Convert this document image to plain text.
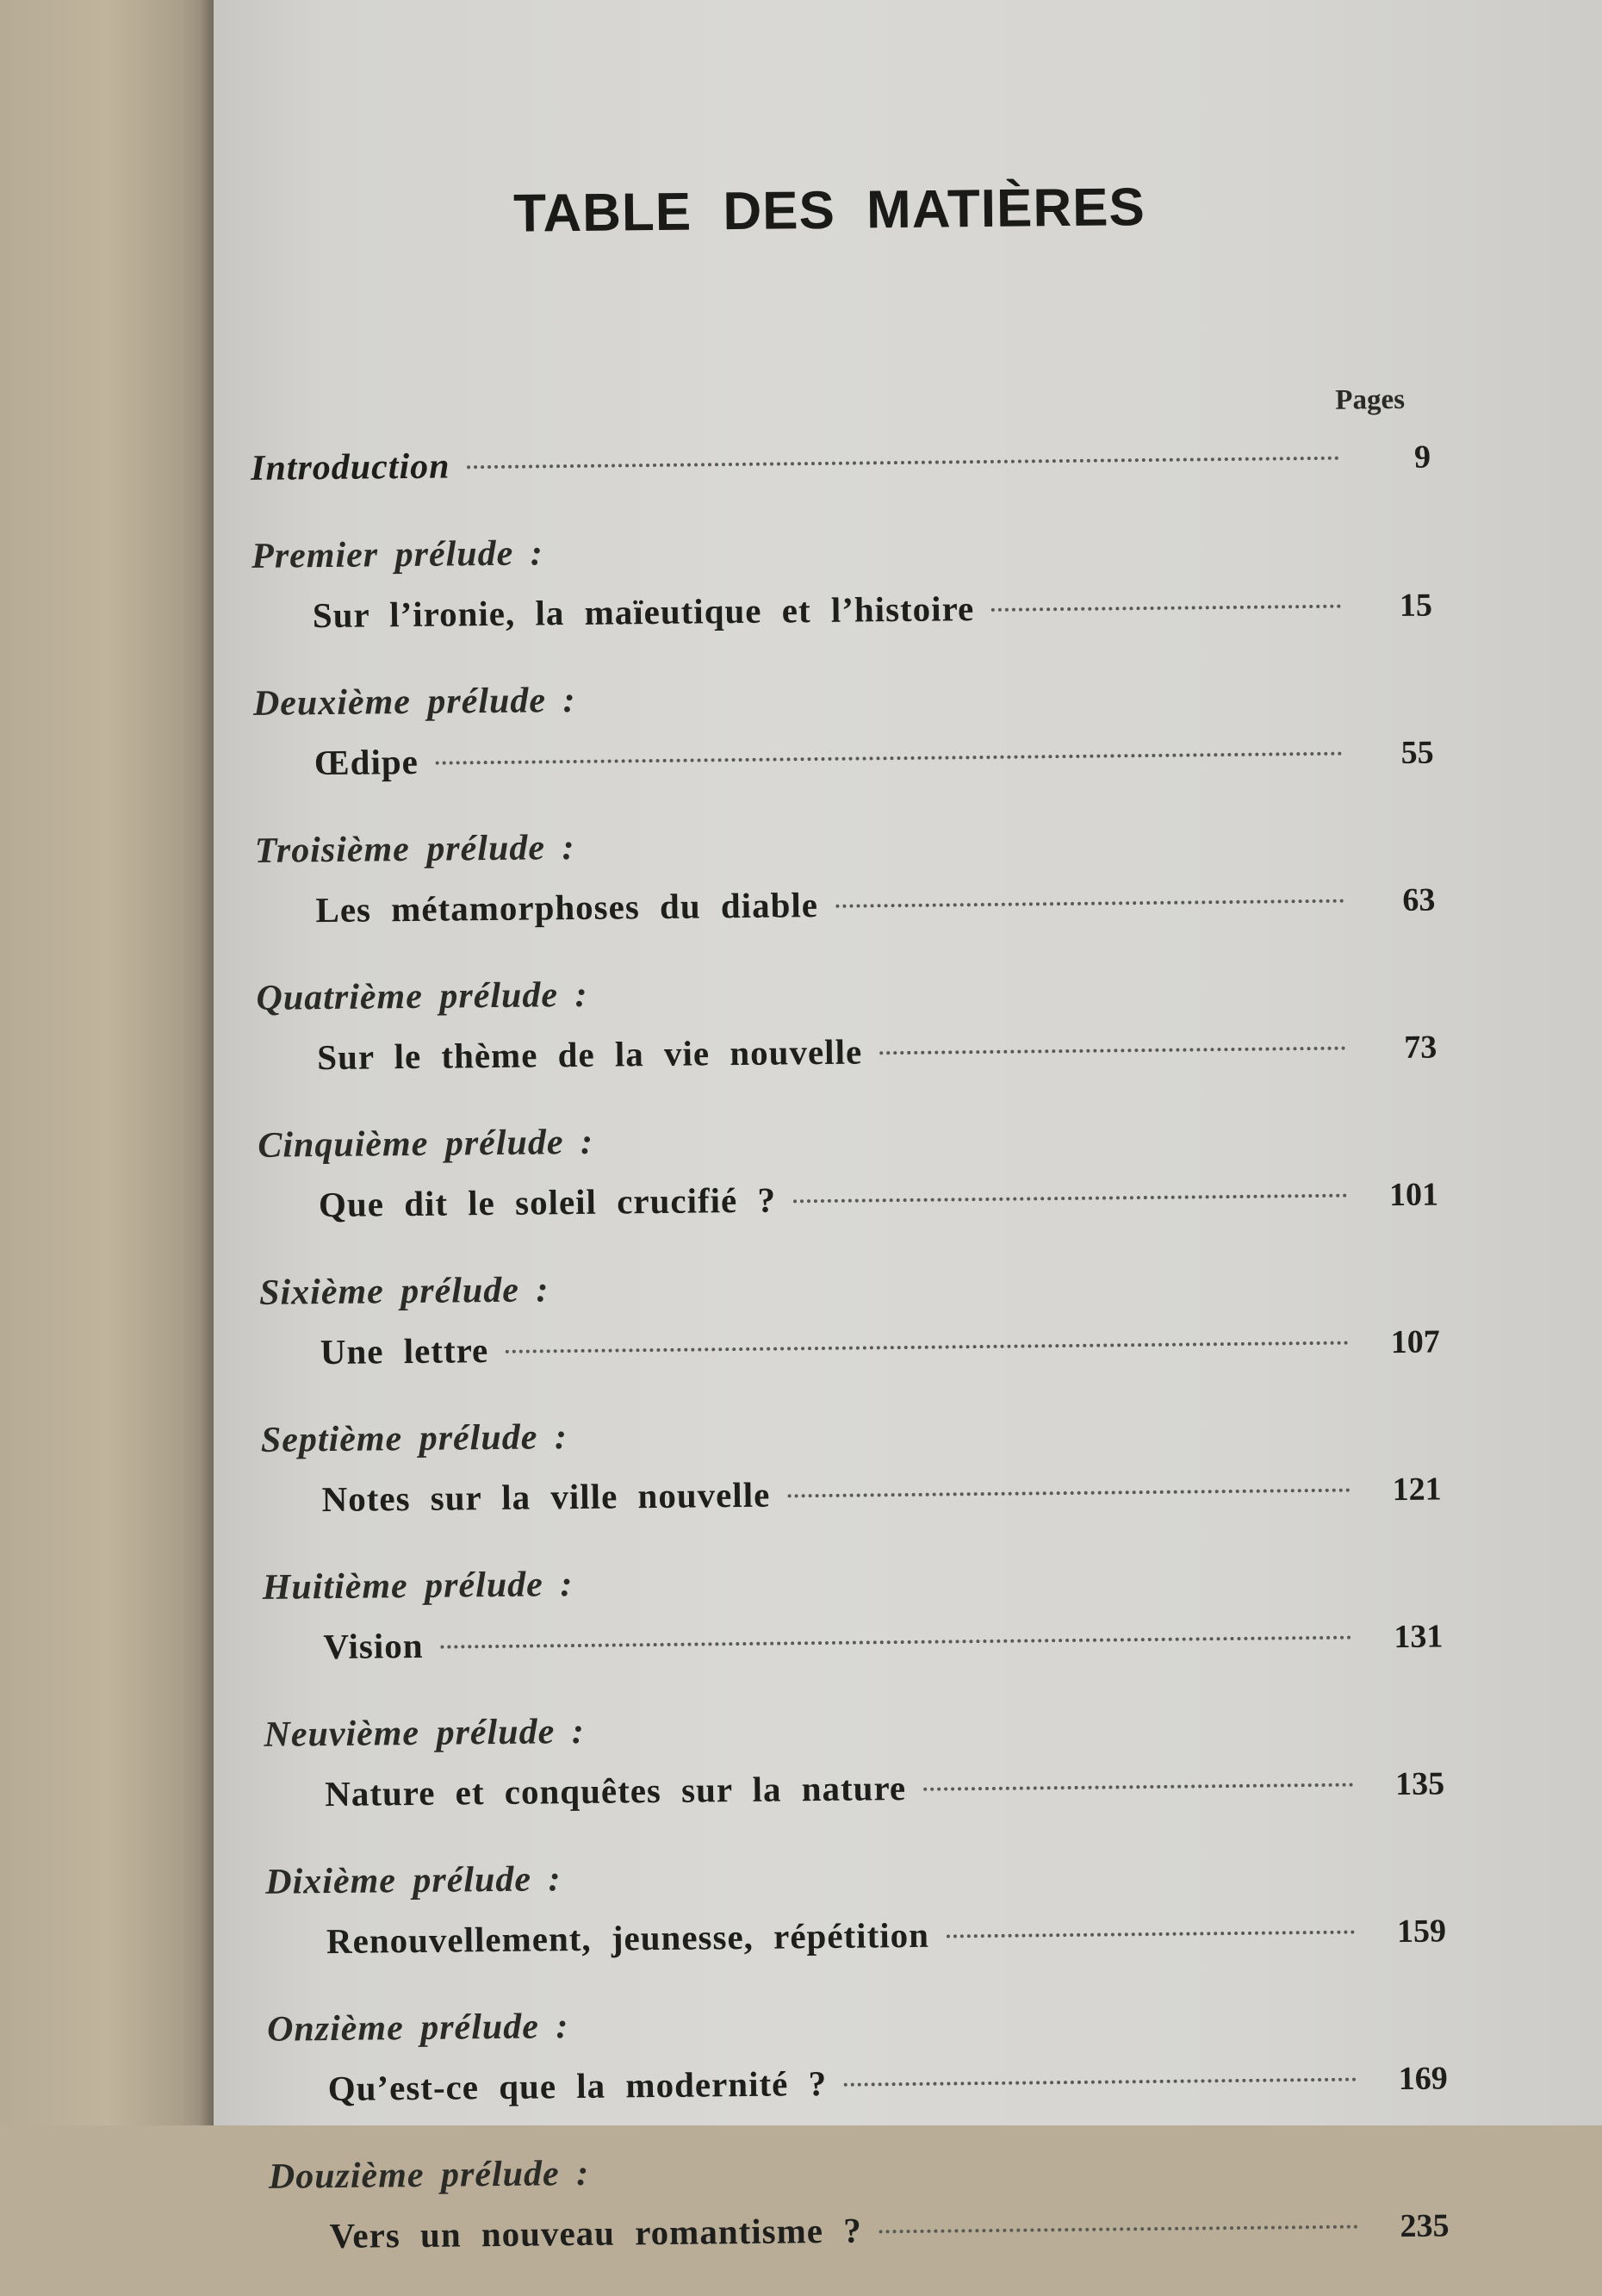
TABLE DES MATIÈRES
Pages
Introduction	9
Premier prélude :
Sur l’ironie, la maïeutique et l’histoire	15
Deuxième prélude :
Œdipe	55
Troisième prélude :
Les métamorphoses du diable	63
Quatrième prélude :
Sur le thème de la vie nouvelle	73
Cinquième prélude :
Que dit le soleil crucifié ?	101
Sixième prélude :
Une lettre	107
Septième prélude :
Notes sur la ville nouvelle	121
Huitième prélude :
Vision	131
Neuvième prélude :
Nature et conquêtes sur la nature	135
Dixième prélude :
Renouvellement, jeunesse, répétition	159
Onzième prélude :
Qu’est-ce que la modernité ?	169
Douzième prélude :
Vers un nouveau romantisme ?	235
